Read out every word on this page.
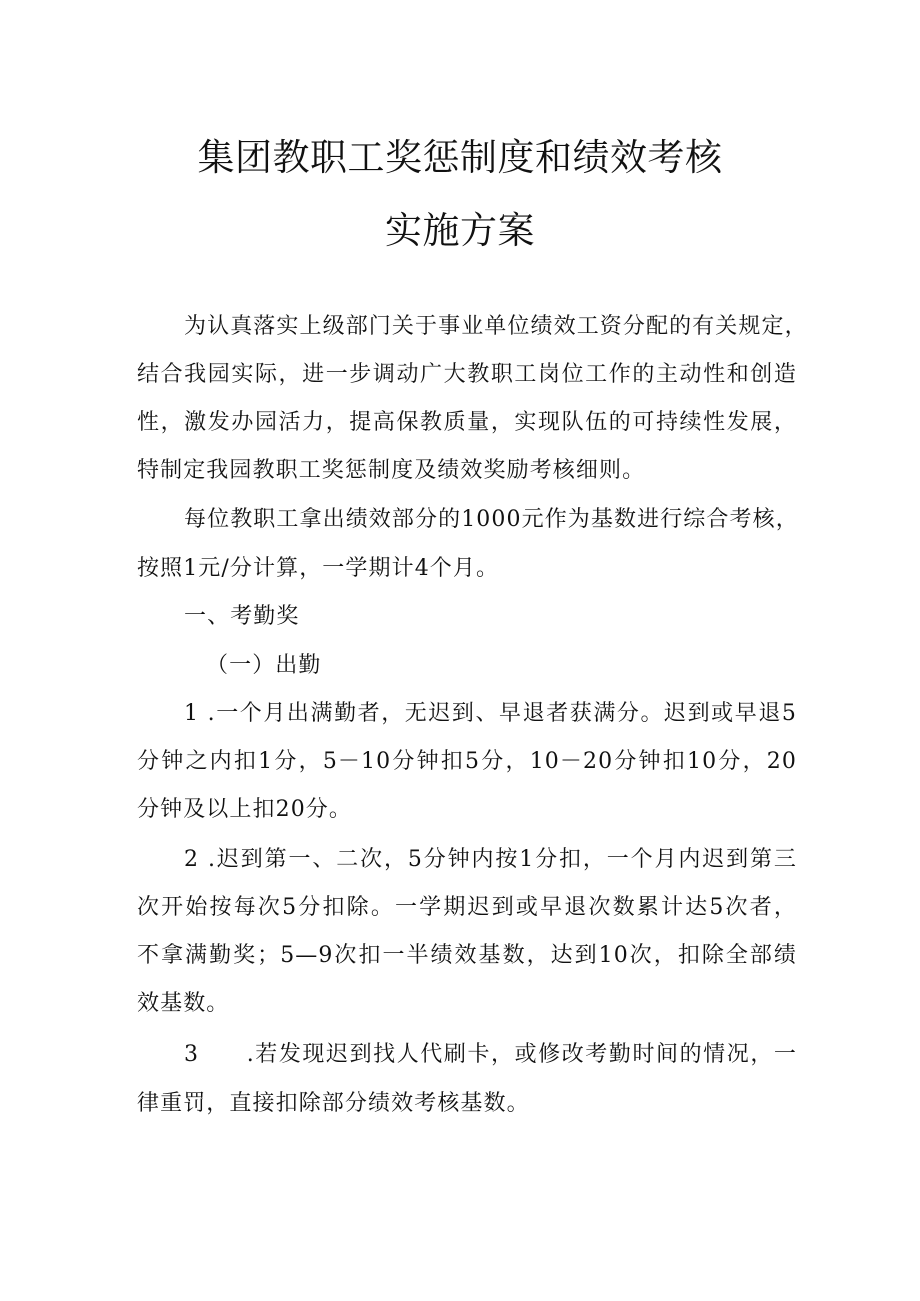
集团教职工奖惩制度和绩效考核
实施方案
为认真落实上级部门关于事业单位绩效工资分配的有关规定，
结合我园实际，进一步调动广大教职工岗位工作的主动性和创造
性，激发办园活力，提高保教质量，实现队伍的可持续性发展，
特制定我园教职工奖惩制度及绩效奖励考核细则。
每位教职工拿出绩效部分的1000元作为基数进行综合考核，
按照1元/分计算，一学期计4个月。
一、考勤奖
（一）出勤
1 .一个月出满勤者，无迟到、早退者获满分。迟到或早退5
分钟之内扣1分，5－10分钟扣5分，10－20分钟扣10分，20
分钟及以上扣20分。
2 .迟到第一、二次，5分钟内按1分扣，一个月内迟到第三
次开始按每次5分扣除。一学期迟到或早退次数累计达5次者，
不拿满勤奖；5—9次扣一半绩效基数，达到10次，扣除全部绩
效基数。
3　　.若发现迟到找人代刷卡，或修改考勤时间的情况，一
律重罚，直接扣除部分绩效考核基数。
